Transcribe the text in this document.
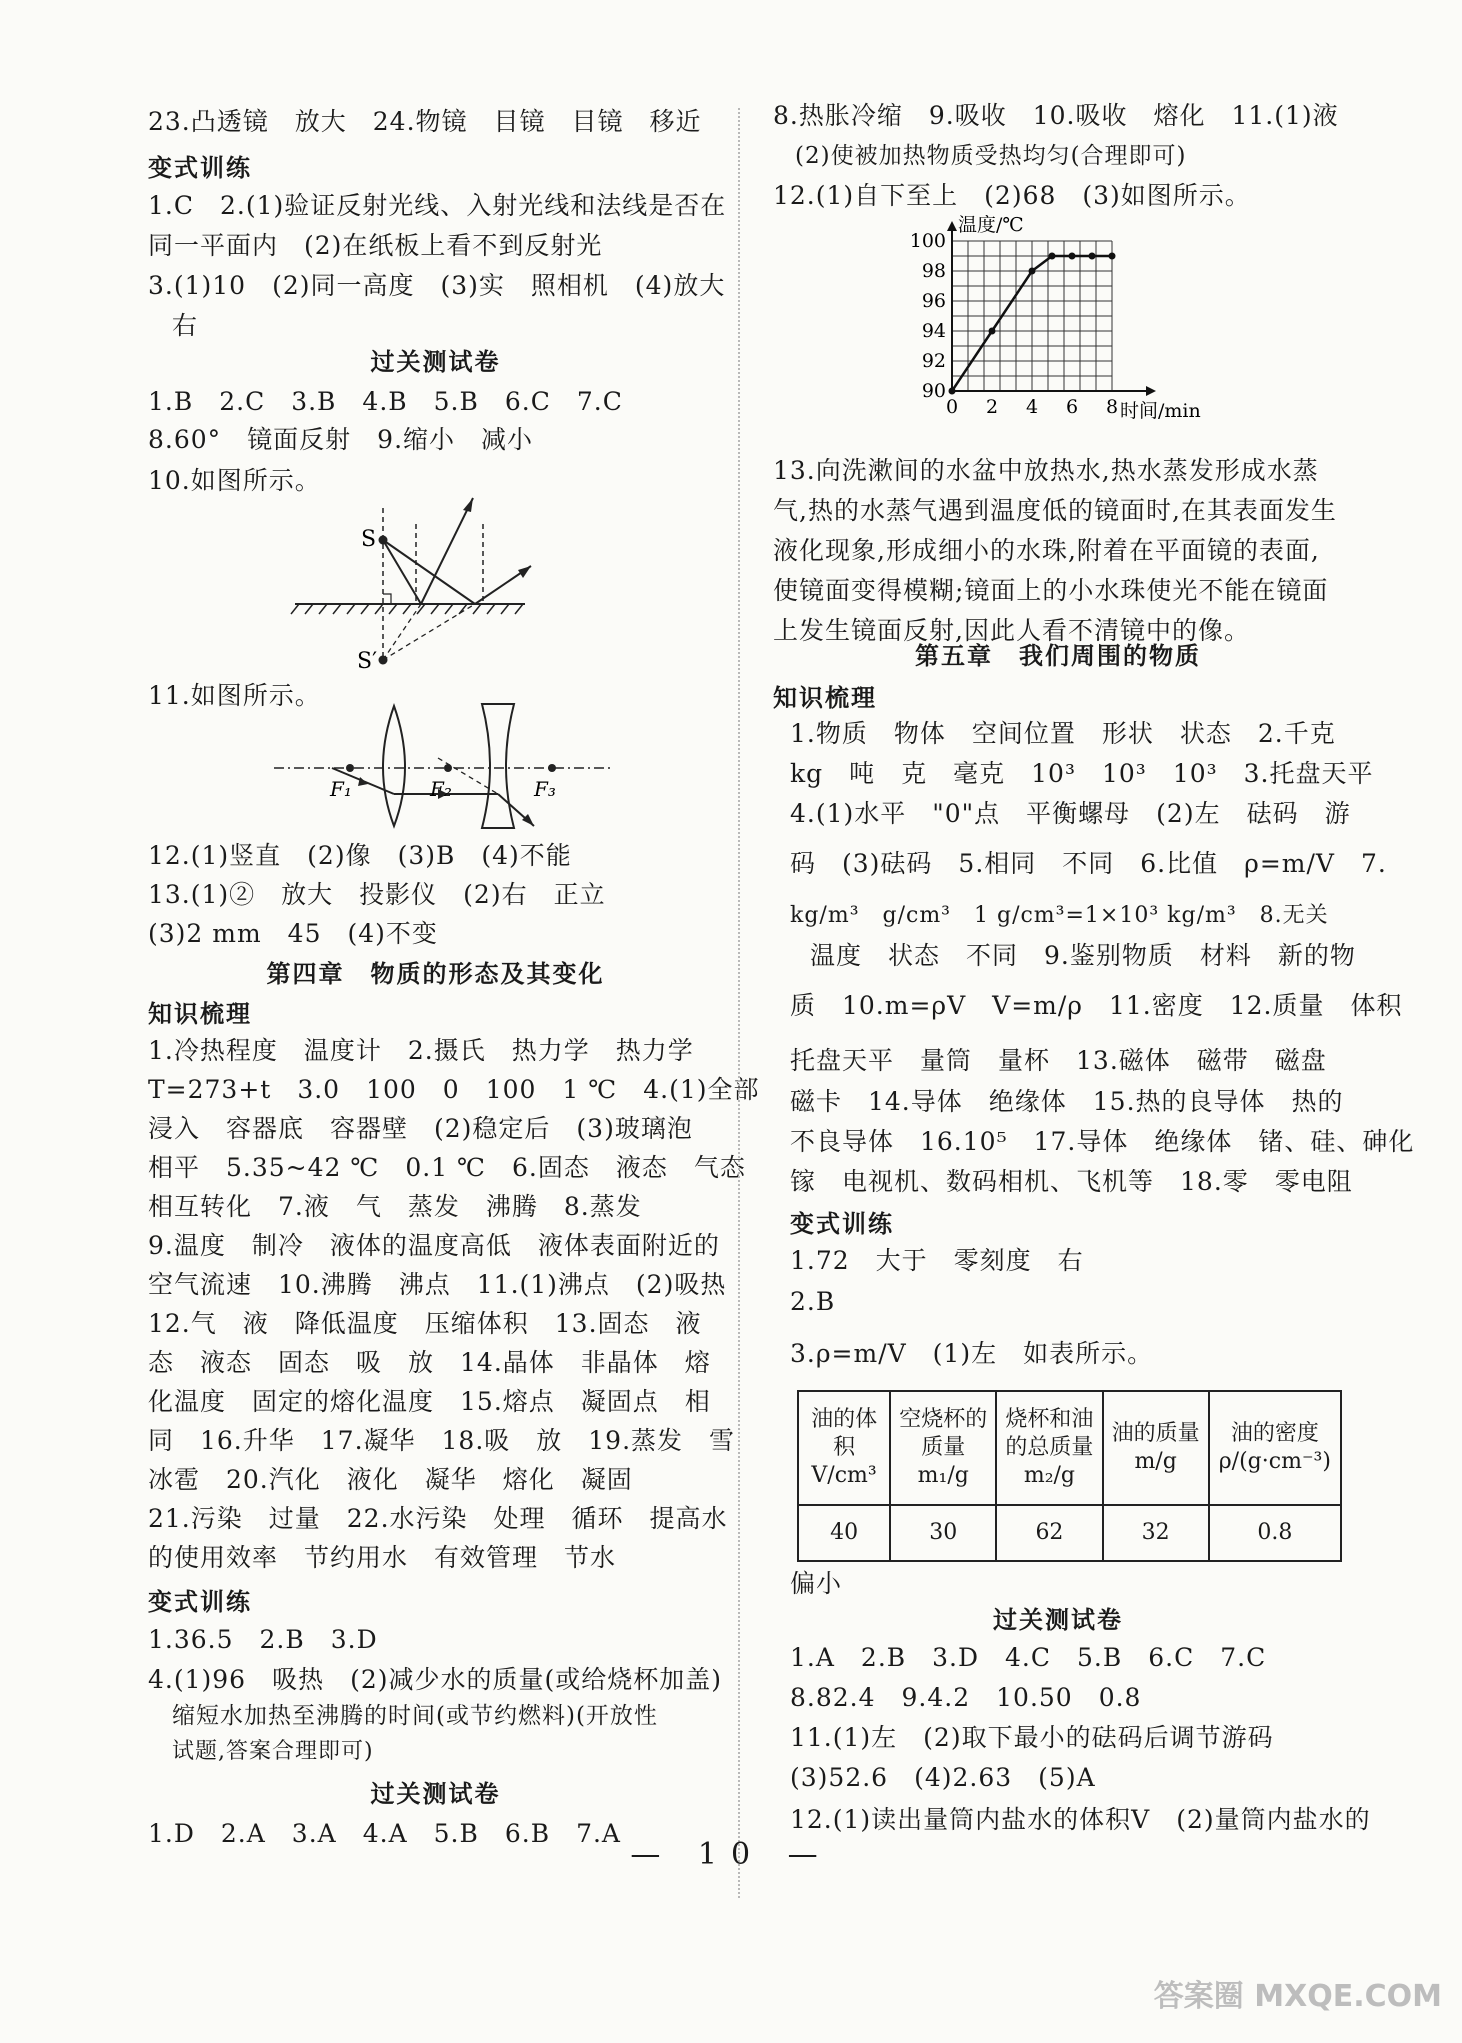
23.凸透镜　放大　24.物镜　目镜　目镜　移近
变式训练
1.C　2.(1)验证反射光线、入射光线和法线是否在
同一平面内　(2)在纸板上看不到反射光
3.(1)10　(2)同一高度　(3)实　照相机　(4)放大
右
过关测试卷
1.B　2.C　3.B　4.B　5.B　6.C　7.C
8.60°　镜面反射　9.缩小　减小
10.如图所示。
S
S′
11.如图所示。
F₁	F₂	F₃
12.(1)竖直　(2)像　(3)B　(4)不能
13.(1)②　放大　投影仪　(2)右　正立
(3)2 mm　45　(4)不变
第四章　物质的形态及其变化
知识梳理
1.冷热程度　温度计　2.摄氏　热力学　热力学
T=273+t　3.0　100　0　100　1 ℃　4.(1)全部
浸入　容器底　容器壁　(2)稳定后　(3)玻璃泡
相平　5.35~42 ℃　0.1 ℃　6.固态　液态　气态
相互转化　7.液　气　蒸发　沸腾　8.蒸发
9.温度　制冷　液体的温度高低　液体表面附近的
空气流速　10.沸腾　沸点　11.(1)沸点　(2)吸热
12.气　液　降低温度　压缩体积　13.固态　液
态　液态　固态　吸　放　14.晶体　非晶体　熔
化温度　固定的熔化温度　15.熔点　凝固点　相
同　16.升华　17.凝华　18.吸　放　19.蒸发　雪
冰雹　20.汽化　液化　凝华　熔化　凝固
21.污染　过量　22.水污染　处理　循环　提高水
的使用效率　节约用水　有效管理　节水
变式训练
1.36.5　2.B　3.D
4.(1)96　吸热　(2)减少水的质量(或给烧杯加盖)
缩短水加热至沸腾的时间(或节约燃料)(开放性
试题,答案合理即可)
过关测试卷
1.D　2.A　3.A　4.A　5.B　6.B　7.A
8.热胀冷缩　9.吸收　10.吸收　熔化　11.(1)液
(2)使被加热物质受热均匀(合理即可)
12.(1)自下至上　(2)68　(3)如图所示。
0 2 4 6 8
90
92
94
96
98
100
温度/℃
时间/min
13.向洗漱间的水盆中放热水,热水蒸发形成水蒸
气,热的水蒸气遇到温度低的镜面时,在其表面发生
液化现象,形成细小的水珠,附着在平面镜的表面,
使镜面变得模糊;镜面上的小水珠使光不能在镜面
上发生镜面反射,因此人看不清镜中的像。
第五章　我们周围的物质
知识梳理
1.物质　物体　空间位置　形状　状态　2.千克
kg　吨　克　毫克　10³　10³　10³　3.托盘天平
4.(1)水平　"0"点　平衡螺母　(2)左　砝码　游
码　(3)砝码　5.相同　不同　6.比值　ρ=m/V　7.
kg/m³　g/cm³　1 g/cm³=1×10³ kg/m³　8.无关
温度　状态　不同　9.鉴别物质　材料　新的物
质　10.m=ρV　V=m/ρ　11.密度　12.质量　体积
托盘天平　量筒　量杯　13.磁体　磁带　磁盘
磁卡　14.导体　绝缘体　15.热的良导体　热的
不良导体　16.10⁵　17.导体　绝缘体　锗、硅、砷化
镓　电视机、数码相机、飞机等　18.零　零电阻
变式训练
1.72　大于　零刻度　右
2.B
3.ρ=m/V　(1)左　如表所示。
油的体积V/cm³	空烧杯的质量m₁/g	烧杯和油的总质量m₂/g	油的质量m/g	油的密度ρ/(g·cm⁻³)
40	30	62	32	0.8
偏小
过关测试卷
1.A　2.B　3.D　4.C　5.B　6.C　7.C
8.82.4　9.4.2　10.50　0.8
11.(1)左　(2)取下最小的砝码后调节游码
(3)52.6　(4)2.63　(5)A
12.(1)读出量筒内盐水的体积V　(2)量筒内盐水的
— 10 —
答案圈 MXQE.COM
